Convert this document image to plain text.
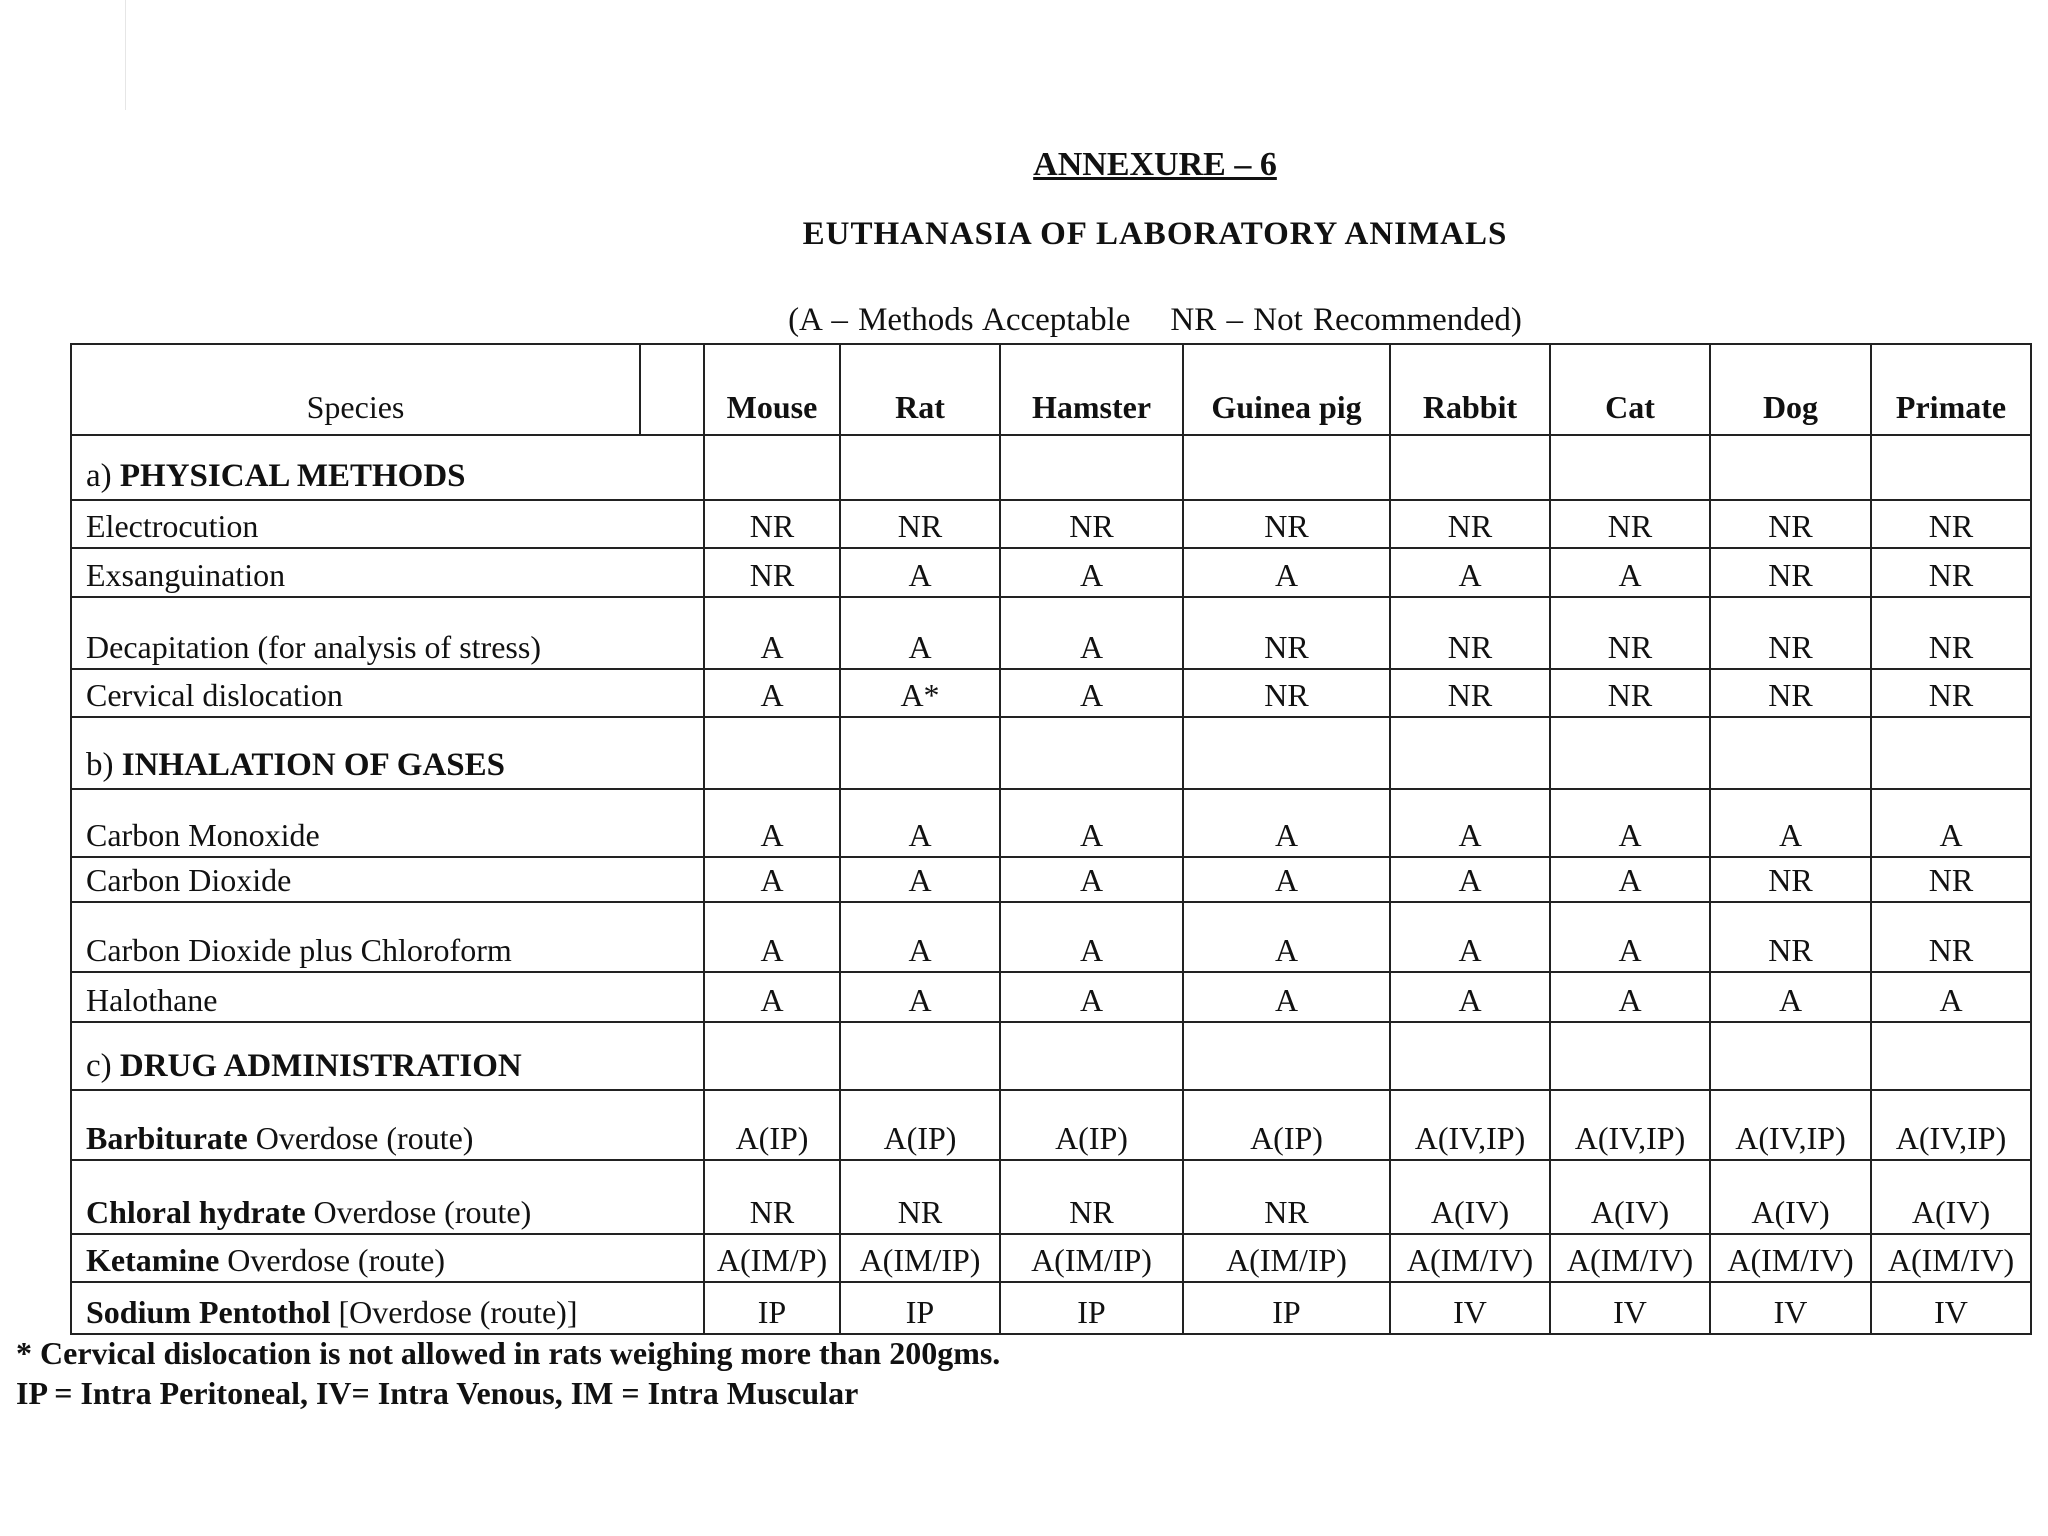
ANNEXURE – 6
EUTHANASIA OF LABORATORY ANIMALS
(A – Methods Acceptable NR – Not Recommended)
Species		Mouse	Rat	Hamster	Guinea pig	Rabbit	Cat	Dog	Primate
a) PHYSICAL METHODS									
Electrocution		NR	NR	NR	NR	NR	NR	NR	NR
Exsanguination		NR	A	A	A	A	A	NR	NR
Decapitation (for analysis of stress)		A	A	A	NR	NR	NR	NR	NR
Cervical dislocation		A	A*	A	NR	NR	NR	NR	NR
b) INHALATION OF GASES									
Carbon Monoxide		A	A	A	A	A	A	A	A
Carbon Dioxide		A	A	A	A	A	A	NR	NR
Carbon Dioxide plus Chloroform		A	A	A	A	A	A	NR	NR
Halothane		A	A	A	A	A	A	A	A
c) DRUG ADMINISTRATION									
Barbiturate Overdose (route)		A(IP)	A(IP)	A(IP)	A(IP)	A(IV,IP)	A(IV,IP)	A(IV,IP)	A(IV,IP)
Chloral hydrate Overdose (route)		NR	NR	NR	NR	A(IV)	A(IV)	A(IV)	A(IV)
Ketamine Overdose (route)		A(IM/P)	A(IM/IP)	A(IM/IP)	A(IM/IP)	A(IM/IV)	A(IM/IV)	A(IM/IV)	A(IM/IV)
Sodium Pentothol [Overdose (route)]		IP	IP	IP	IP	IV	IV	IV	IV
* Cervical dislocation is not allowed in rats weighing more than 200gms.
IP = Intra Peritoneal, IV= Intra Venous, IM = Intra Muscular
